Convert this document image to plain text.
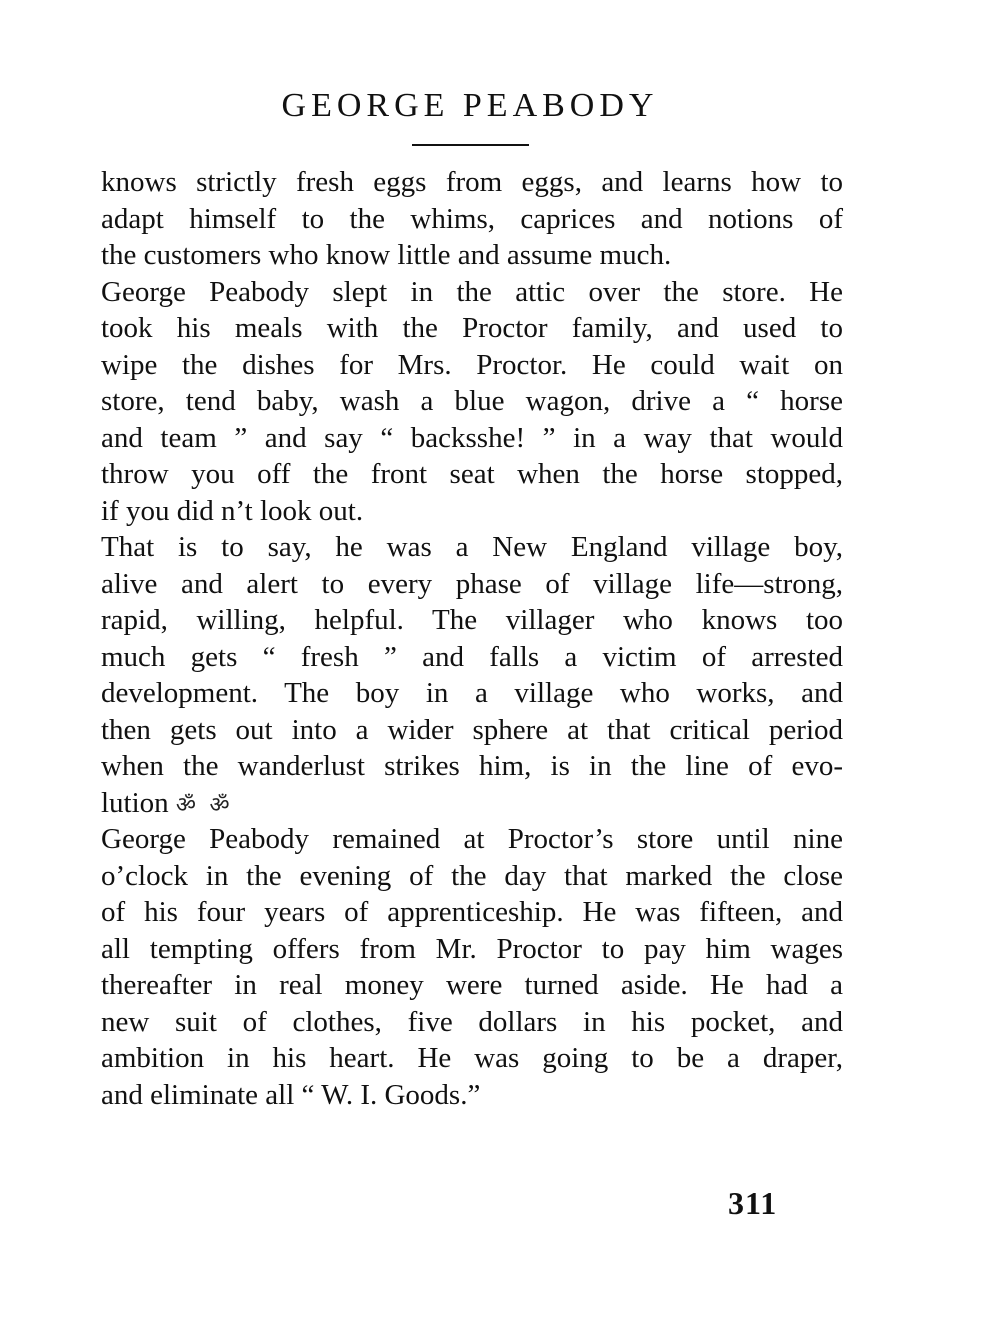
GEORGE PEABODY
knows strictly fresh eggs from eggs, and learns how to
adapt himself to the whims, caprices and notions of
the customers who know little and assume much.
George Peabody slept in the attic over the store. He
took his meals with the Proctor family, and used to
wipe the dishes for Mrs. Proctor. He could wait on
store, tend baby, wash a blue wagon, drive a “ horse
and team ” and say “ backsshe! ” in a way that would
throw you off the front seat when the horse stopped,
if you did n’t look out.
That is to say, he was a New England village boy,
alive and alert to every phase of village life—strong,
rapid, willing, helpful. The villager who knows too
much gets “ fresh ” and falls a victim of arrested
development. The boy in a village who works, and
then gets out into a wider sphere at that critical period
when the wanderlust strikes him, is in the line of evo-
lution ॐ ॐ
George Peabody remained at Proctor’s store until nine
o’clock in the evening of the day that marked the close
of his four years of apprenticeship. He was fifteen, and
all tempting offers from Mr. Proctor to pay him wages
thereafter in real money were turned aside. He had a
new suit of clothes, five dollars in his pocket, and
ambition in his heart. He was going to be a draper,
and eliminate all “ W. I. Goods.”
311
